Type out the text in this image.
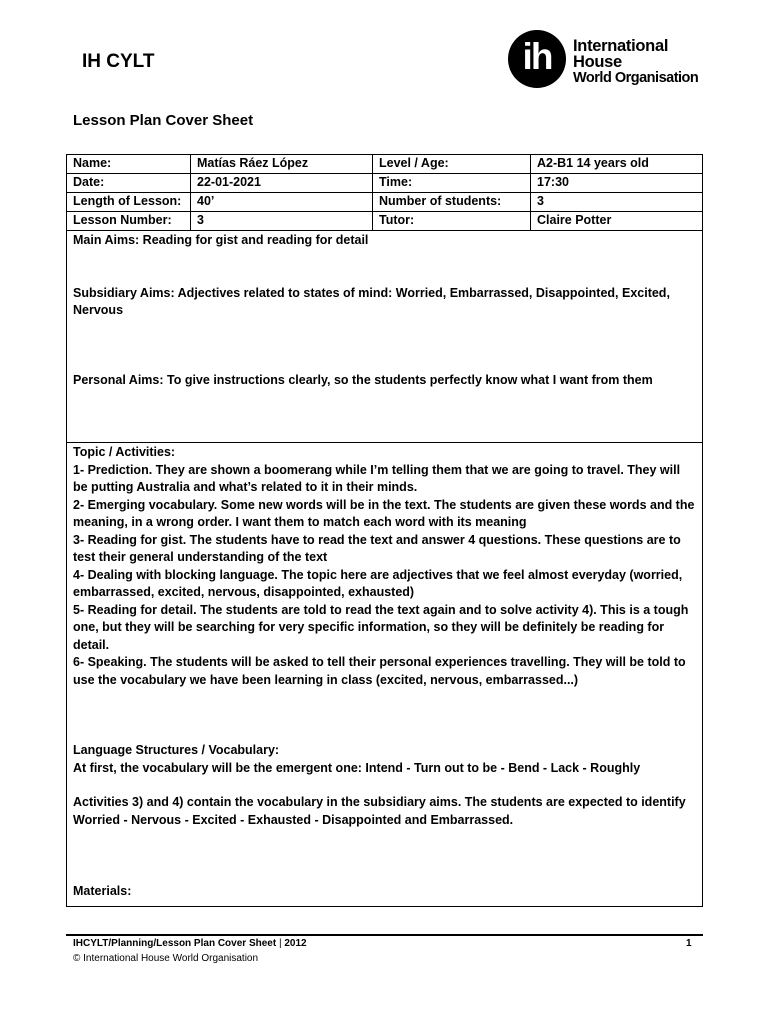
IH CYLT	ih	International
House
World Organisation
Lesson Plan Cover Sheet
Name:	Matías Ráez López	Level / Age:	A2-B1 14 years old
Date:	22-01-2021	Time:	17:30
Length of Lesson:	40’	Number of students:	3
Lesson Number:	3	Tutor:	Claire Potter

Main Aims: Reading for gist and reading for detail

Subsidiary Aims: Adjectives related to states of mind: Worried, Embarrassed, Disappointed, Excited, Nervous

Personal Aims: To give instructions clearly, so the students perfectly know what I want from them

Topic / Activities:

1- Prediction. They are shown a boomerang while I’m telling them that we are going to travel. They will be putting Australia and what’s related to it in their minds.

2- Emerging vocabulary. Some new words will be in the text. The students are given these words and the meaning, in a wrong order. I want them to match each word with its meaning

3- Reading for gist. The students have to read the text and answer 4 questions. These questions are to test their general understanding of the text

4- Dealing with blocking language. The topic here are adjectives that we feel almost everyday (worried, embarrassed, excited, nervous, disappointed, exhausted)

5- Reading for detail. The students are told to read the text again and to solve activity 4). This is a tough one, but they will be searching for very specific information, so they will be definitely be reading for detail.

6- Speaking. The students will be asked to tell their personal experiences travelling. They will be told to use the vocabulary we have been learning in class (excited, nervous, embarrassed...)

Language Structures / Vocabulary:

At first, the vocabulary will be the emergent one: Intend - Turn out to be - Bend - Lack - Roughly

Activities 3) and 4) contain the vocabulary in the subsidiary aims. The students are expected to identify Worried - Nervous - Excited - Exhausted - Disappointed and Embarrassed.

Materials:

IHCYLT/Planning/Lesson Plan Cover Sheet | 2012	1
© International House World Organisation
